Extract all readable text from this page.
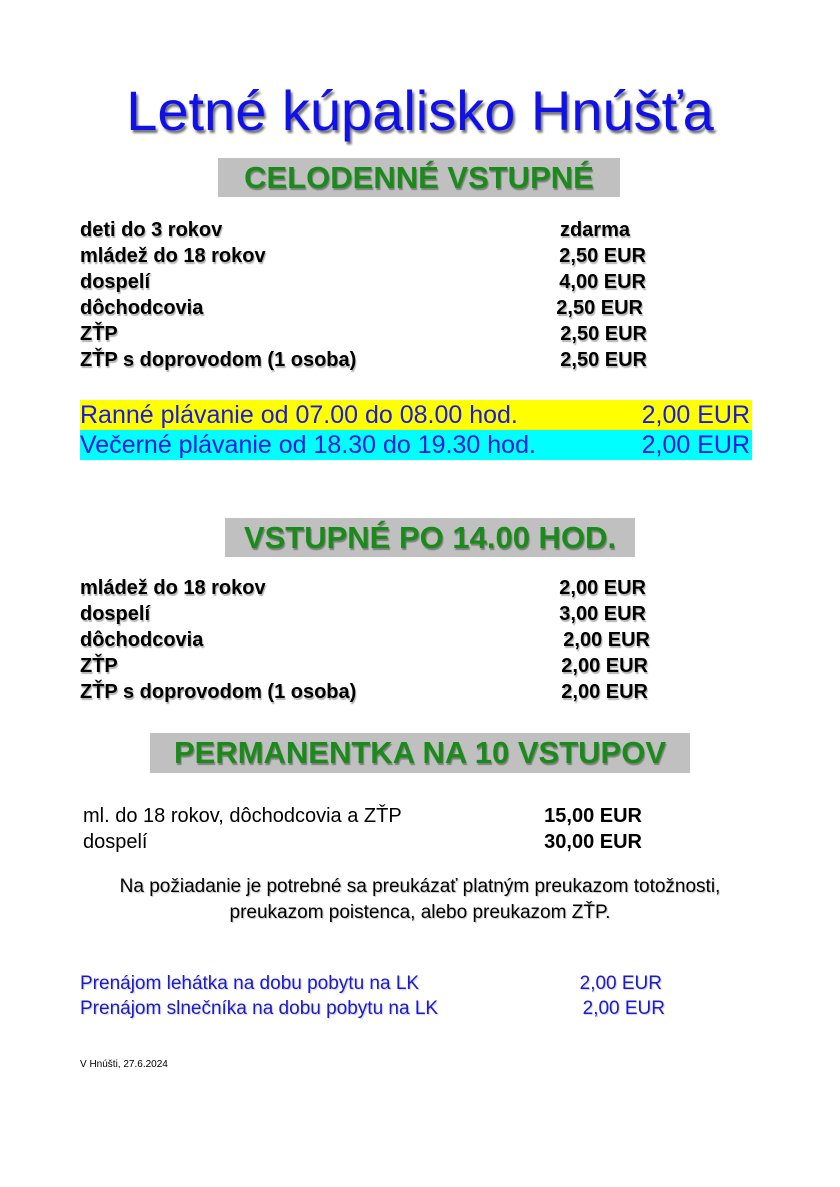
Letné kúpalisko Hnúšťa
CELODENNÉ VSTUPNÉ
deti do 3 rokov	zdarma
mládež do 18 rokov	2,50 EUR
dospelí	4,00 EUR
dôchodcovia	2,50 EUR
ZŤP	2,50 EUR
ZŤP s doprovodom (1 osoba)	2,50 EUR
Ranné plávanie od 07.00 do 08.00 hod.	2,00 EUR
Večerné plávanie od 18.30 do 19.30 hod.	2,00 EUR
VSTUPNÉ PO 14.00 HOD.
mládež do 18 rokov	2,00 EUR
dospelí	3,00 EUR
dôchodcovia	2,00 EUR
ZŤP	2,00 EUR
ZŤP s doprovodom (1 osoba)	2,00 EUR
PERMANENTKA NA 10 VSTUPOV
ml. do 18 rokov, dôchodcovia a ZŤP	15,00 EUR
dospelí	30,00 EUR
Na požiadanie je potrebné sa preukázať platným preukazom totožnosti,
preukazom poistenca, alebo preukazom ZŤP.
Prenájom lehátka na dobu pobytu na LK	2,00 EUR
Prenájom slnečníka na dobu pobytu na LK	2,00 EUR
V Hnúšti, 27.6.2024
